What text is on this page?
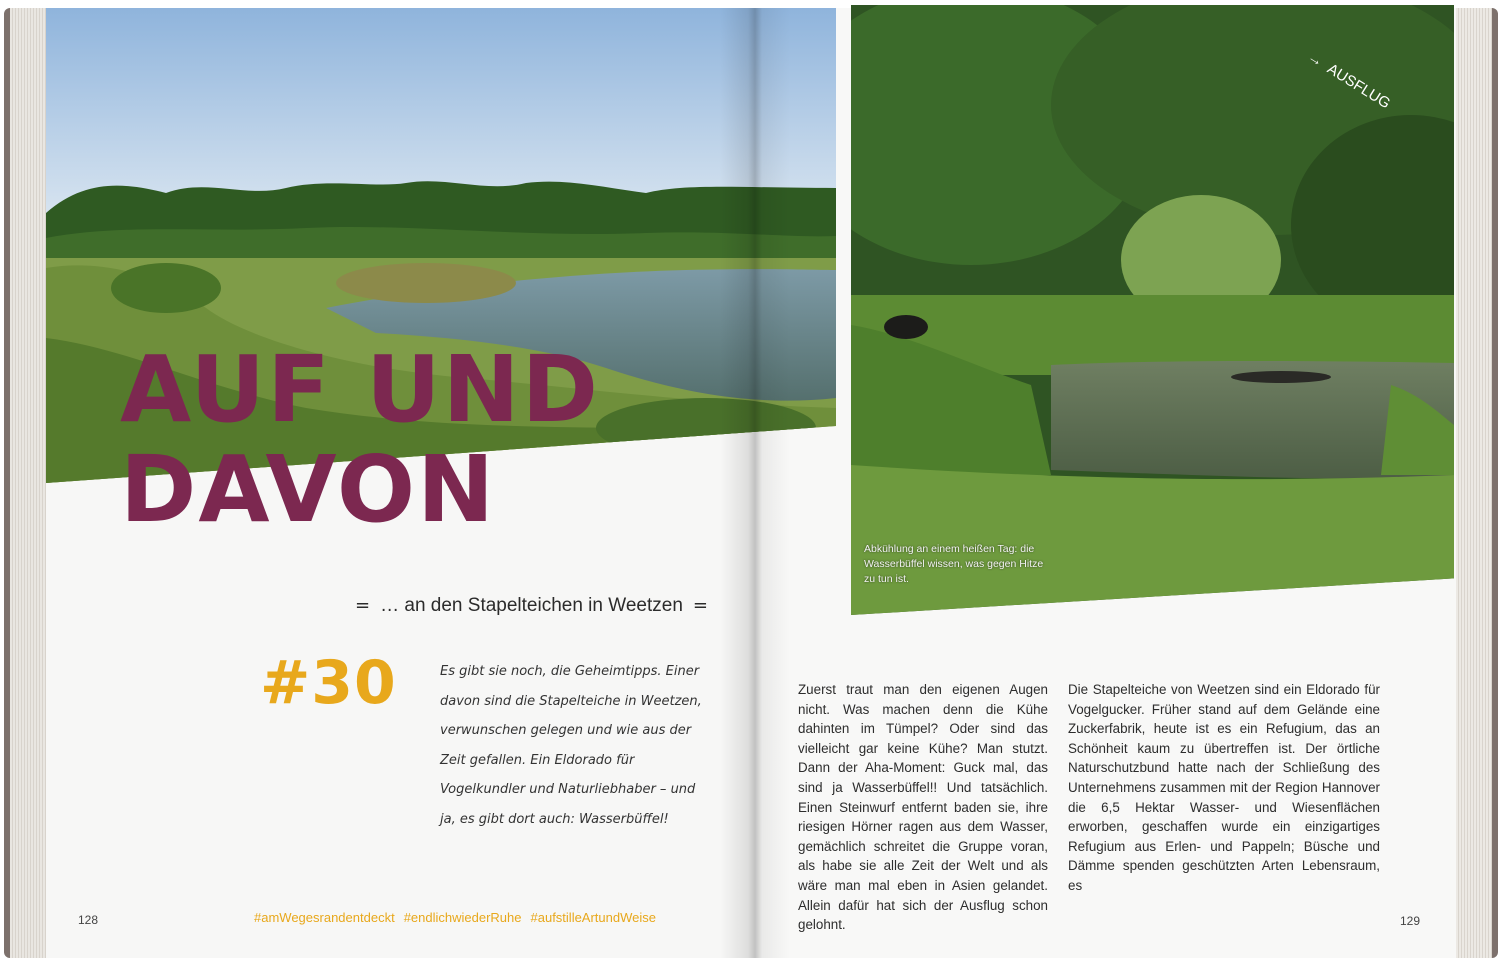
AUF UND
DAVON
= … an den Stapelteichen in Weetzen =
#30	Es gibt sie noch, die Geheimtipps. Einer davon sind die Stapelteiche in Weetzen, verwunschen gelegen und wie aus der Zeit gefallen. Ein Eldorado für Vogelkundler und Naturliebhaber – und ja, es gibt dort auch: Wasserbüffel!

128	#amWegesrandentdeckt #endlichwiederRuhe #aufstilleArtundWeise
→
AUSFLUG

Abkühlung an einem heißen Tag: die Wasserbüffel wissen, was gegen Hitze zu tun ist.

Zuerst traut man den eigenen Augen nicht. Was machen denn die Kühe dahinten im Tümpel? Oder sind das vielleicht gar keine Kühe? Man stutzt. Dann der Aha-Moment: Guck mal, das sind ja Wasserbüffel!! Und tatsächlich. Einen Steinwurf entfernt baden sie, ihre riesigen Hörner ragen aus dem Wasser, gemächlich schreitet die Gruppe voran, als habe sie alle Zeit der Welt und als wäre man mal eben in Asien gelandet. Allein dafür hat sich der Ausflug schon gelohnt.

Die Stapelteiche von Weetzen sind ein Eldorado für Vogelgucker. Früher stand auf dem Gelände eine Zuckerfabrik, heute ist es ein Refugium, das an Schönheit kaum zu übertreffen ist. Der örtliche Naturschutzbund hatte nach der Schließung des Unternehmens zusammen mit der Region Hannover die 6,5 Hektar Wasser- und Wiesenflächen erworben, geschaffen wurde ein einzigartiges Refugium aus Erlen- und Pappeln; Büsche und Dämme spenden geschützten Arten Lebensraum, es

129
